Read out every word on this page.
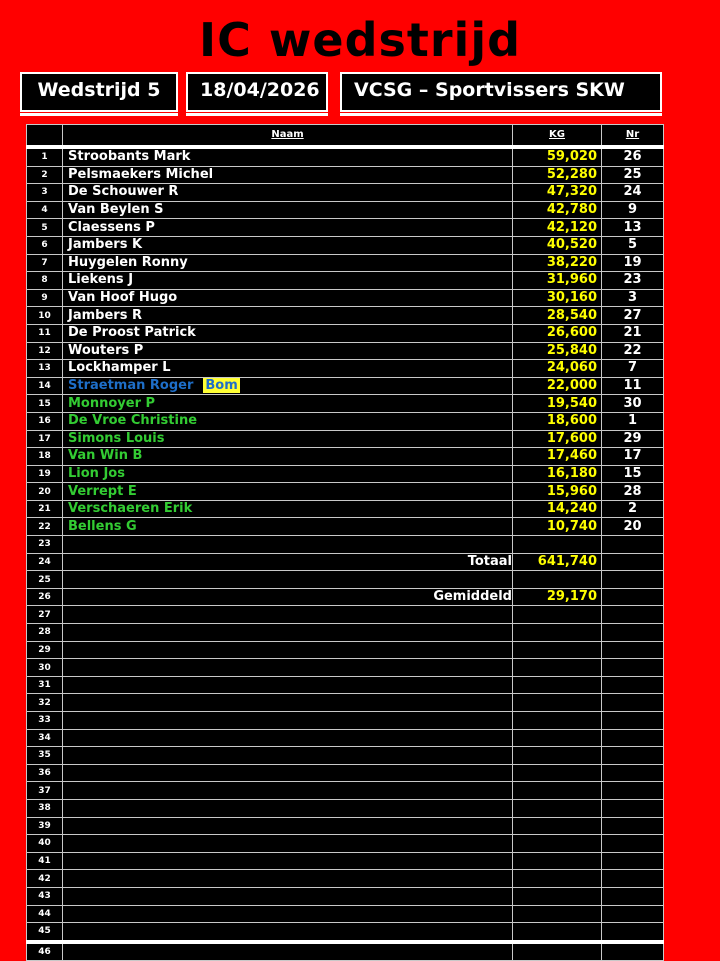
IC wedstrijd
Wedstrijd 5	18/04/2026	VCSG – Sportvissers SKW
	Naam	KG	Nr
1	Stroobants Mark	59,020	26
2	Pelsmaekers Michel	52,280	25
3	De Schouwer R	47,320	24
4	Van Beylen S	42,780	9
5	Claessens P	42,120	13
6	Jambers K	40,520	5
7	Huygelen Ronny	38,220	19
8	Liekens J	31,960	23
9	Van Hoof Hugo	30,160	3
10	Jambers R	28,540	27
11	De Proost Patrick	26,600	21
12	Wouters P	25,840	22
13	Lockhamper L	24,060	7
14	Straetman Roger Bom	22,000	11
15	Monnoyer P	19,540	30
16	De Vroe Christine	18,600	1
17	Simons Louis	17,600	29
18	Van Win B	17,460	17
19	Lion Jos	16,180	15
20	Verrept E	15,960	28
21	Verschaeren Erik	14,240	2
22	Bellens G	10,740	20
23			
24	Totaal	641,740	
25			
26	Gemiddeld	29,170	
27			
28			
29			
30			
31			
32			
33			
34			
35			
36			
37			
38			
39			
40			
41			
42			
43			
44			
45			
46			
